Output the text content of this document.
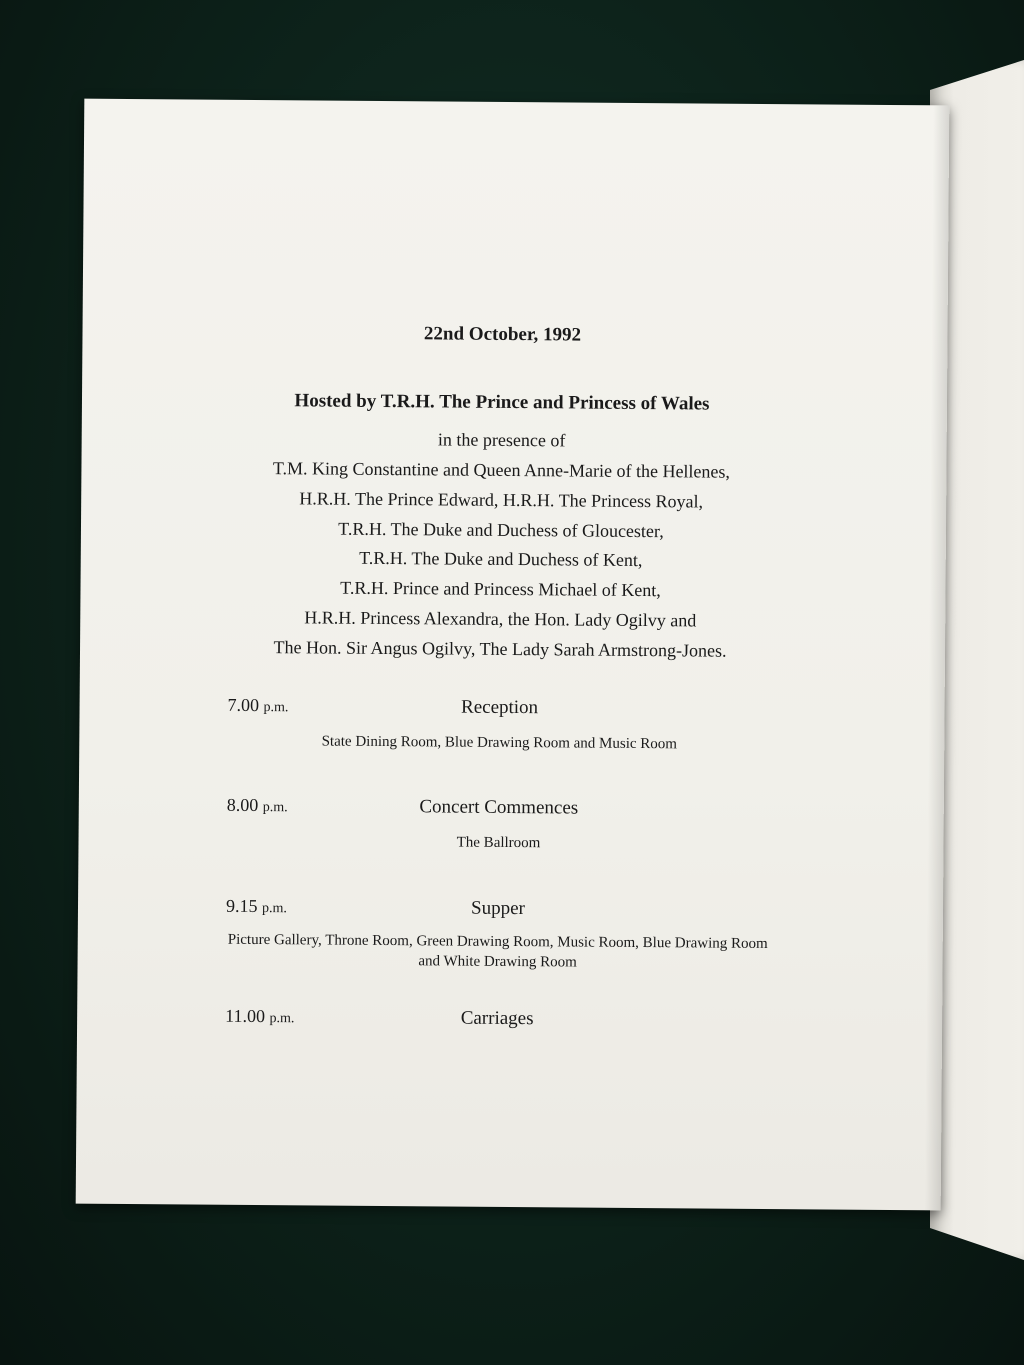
22nd October, 1992
Hosted by T.R.H. The Prince and Princess of Wales
in the presence of
T.M. King Constantine and Queen Anne-Marie of the Hellenes,
H.R.H. The Prince Edward, H.R.H. The Princess Royal,
T.R.H. The Duke and Duchess of Gloucester,
T.R.H. The Duke and Duchess of Kent,
T.R.H. Prince and Princess Michael of Kent,
H.R.H. Princess Alexandra, the Hon. Lady Ogilvy and
The Hon. Sir Angus Ogilvy, The Lady Sarah Armstrong-Jones.
7.00 p.m.	Reception
State Dining Room, Blue Drawing Room and Music Room
8.00 p.m.	Concert Commences
The Ballroom
9.15 p.m.	Supper
Picture Gallery, Throne Room, Green Drawing Room, Music Room, Blue Drawing Room and White Drawing Room
11.00 p.m.	Carriages
